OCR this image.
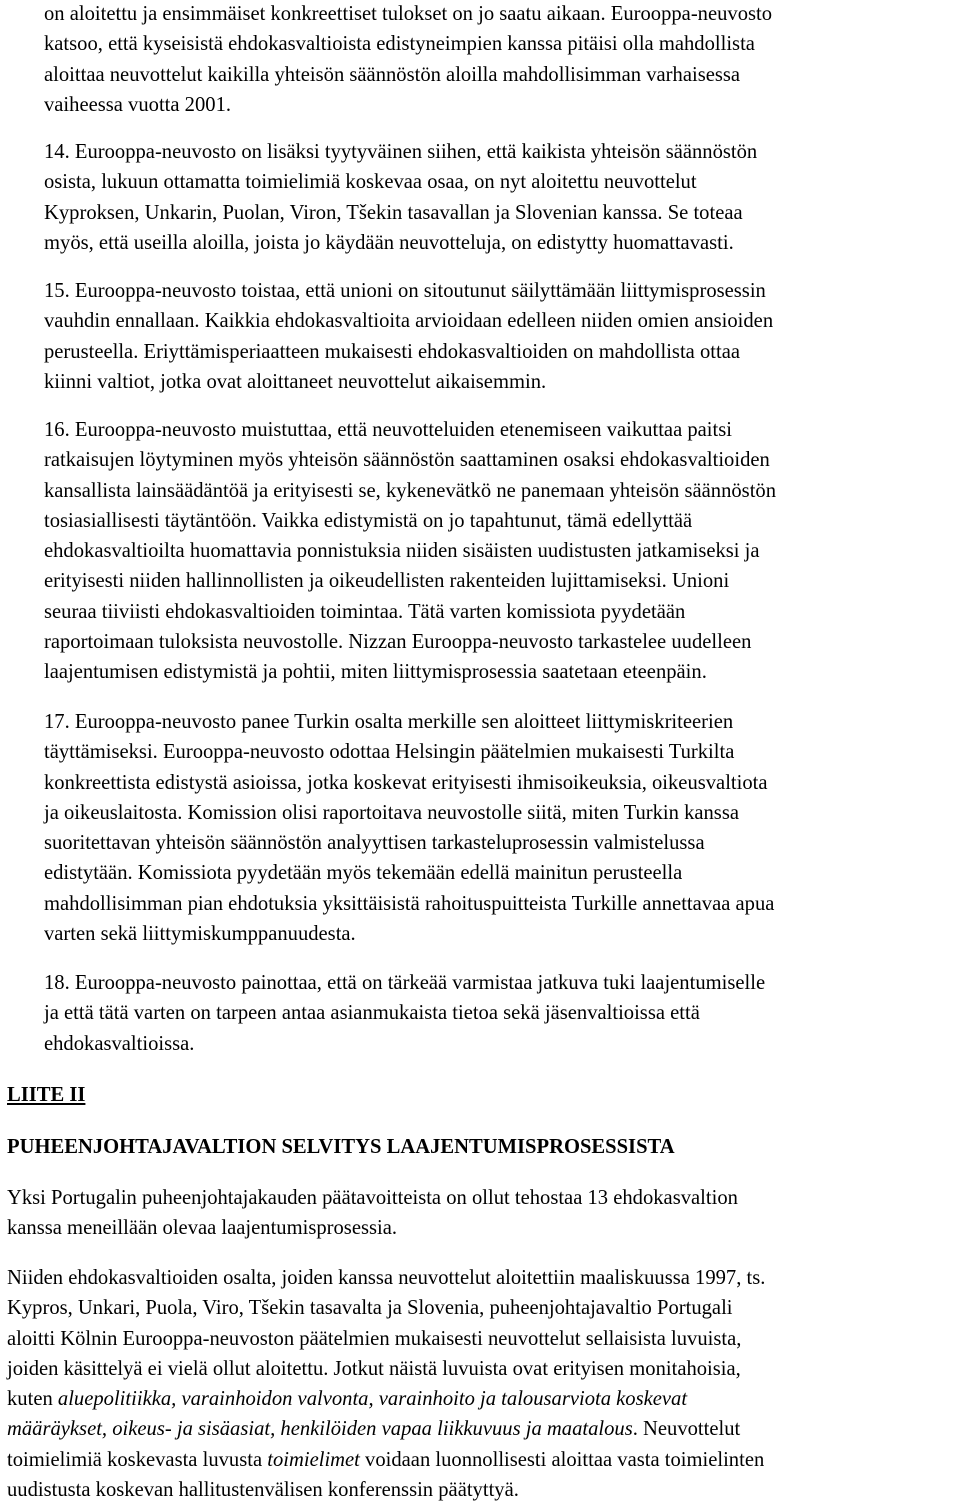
on aloitettu ja ensimmäiset konkreettiset tulokset on jo saatu aikaan. Eurooppa-neuvosto
katsoo, että kyseisistä ehdokasvaltioista edistyneimpien kanssa pitäisi olla mahdollista
aloittaa neuvottelut kaikilla yhteisön säännöstön aloilla mahdollisimman varhaisessa
vaiheessa vuotta 2001.

14. Eurooppa-neuvosto on lisäksi tyytyväinen siihen, että kaikista yhteisön säännöstön
osista, lukuun ottamatta toimielimiä koskevaa osaa, on nyt aloitettu neuvottelut
Kyproksen, Unkarin, Puolan, Viron, Tšekin tasavallan ja Slovenian kanssa. Se toteaa
myös, että useilla aloilla, joista jo käydään neuvotteluja, on edistytty huomattavasti.

15. Eurooppa-neuvosto toistaa, että unioni on sitoutunut säilyttämään liittymisprosessin
vauhdin ennallaan. Kaikkia ehdokasvaltioita arvioidaan edelleen niiden omien ansioiden
perusteella. Eriyttämisperiaatteen mukaisesti ehdokasvaltioiden on mahdollista ottaa
kiinni valtiot, jotka ovat aloittaneet neuvottelut aikaisemmin.

16. Eurooppa-neuvosto muistuttaa, että neuvotteluiden etenemiseen vaikuttaa paitsi
ratkaisujen löytyminen myös yhteisön säännöstön saattaminen osaksi ehdokasvaltioiden
kansallista lainsäädäntöä ja erityisesti se, kykenevätkö ne panemaan yhteisön säännöstön
tosiasiallisesti täytäntöön. Vaikka edistymistä on jo tapahtunut, tämä edellyttää
ehdokasvaltioilta huomattavia ponnistuksia niiden sisäisten uudistusten jatkamiseksi ja
erityisesti niiden hallinnollisten ja oikeudellisten rakenteiden lujittamiseksi. Unioni
seuraa tiiviisti ehdokasvaltioiden toimintaa. Tätä varten komissiota pyydetään
raportoimaan tuloksista neuvostolle. Nizzan Eurooppa-neuvosto tarkastelee uudelleen
laajentumisen edistymistä ja pohtii, miten liittymisprosessia saatetaan eteenpäin.

17. Eurooppa-neuvosto panee Turkin osalta merkille sen aloitteet liittymiskriteerien
täyttämiseksi. Eurooppa-neuvosto odottaa Helsingin päätelmien mukaisesti Turkilta
konkreettista edistystä asioissa, jotka koskevat erityisesti ihmisoikeuksia, oikeusvaltiota
ja oikeuslaitosta. Komission olisi raportoitava neuvostolle siitä, miten Turkin kanssa
suoritettavan yhteisön säännöstön analyyttisen tarkasteluprosessin valmistelussa
edistytään. Komissiota pyydetään myös tekemään edellä mainitun perusteella
mahdollisimman pian ehdotuksia yksittäisistä rahoituspuitteista Turkille annettavaa apua
varten sekä liittymiskumppanuudesta.

18. Eurooppa-neuvosto painottaa, että on tärkeää varmistaa jatkuva tuki laajentumiselle
ja että tätä varten on tarpeen antaa asianmukaista tietoa sekä jäsenvaltioissa että
ehdokasvaltioissa.

LIITE II

PUHEENJOHTAJAVALTION SELVITYS LAAJENTUMISPROSESSISTA

Yksi Portugalin puheenjohtajakauden päätavoitteista on ollut tehostaa 13 ehdokasvaltion
kanssa meneillään olevaa laajentumisprosessia.

Niiden ehdokasvaltioiden osalta, joiden kanssa neuvottelut aloitettiin maaliskuussa 1997, ts.
Kypros, Unkari, Puola, Viro, Tšekin tasavalta ja Slovenia, puheenjohtajavaltio Portugali
aloitti Kölnin Eurooppa-neuvoston päätelmien mukaisesti neuvottelut sellaisista luvuista,
joiden käsittelyä ei vielä ollut aloitettu. Jotkut näistä luvuista ovat erityisen monitahoisia,
kuten aluepolitiikka, varainhoidon valvonta, varainhoito ja talousarviota koskevat
määräykset, oikeus- ja sisäasiat, henkilöiden vapaa liikkuvuus ja maatalous. Neuvottelut
toimielimiä koskevasta luvusta toimielimet voidaan luonnollisesti aloittaa vasta toimielinten
uudistusta koskevan hallitustenvälisen konferenssin päätyttyä.
